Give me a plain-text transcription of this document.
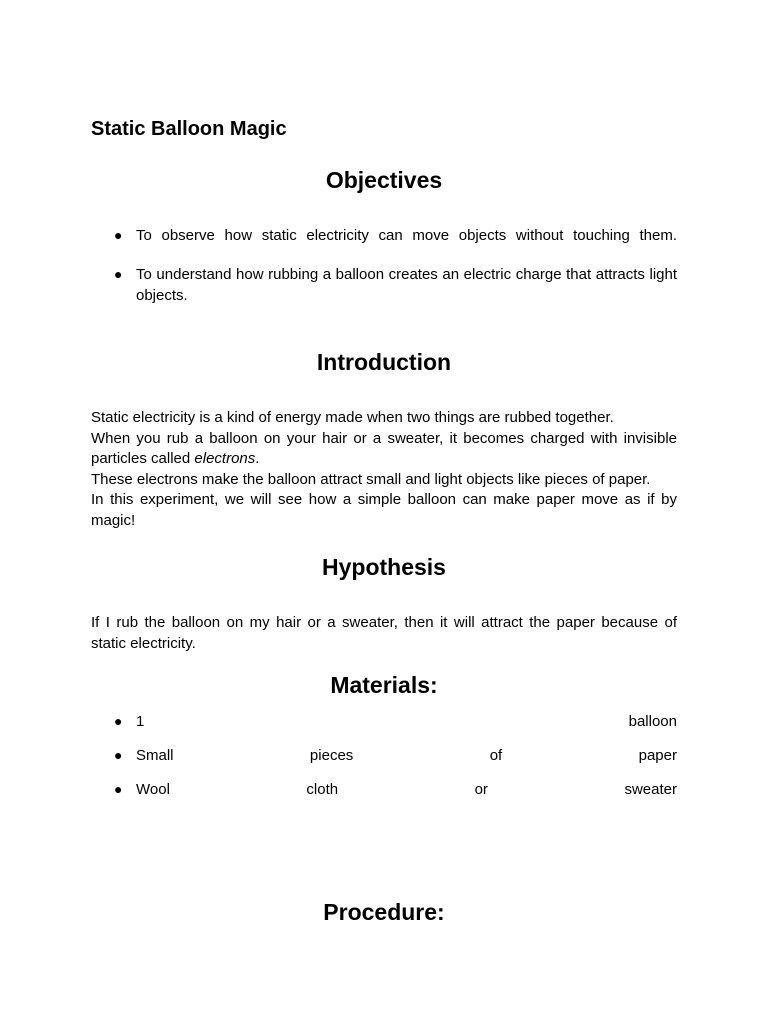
Static Balloon Magic
Objectives
● To observe how static electricity can move objects without touching them.
● To understand how rubbing a balloon creates an electric charge that attracts light objects.
Introduction

Static electricity is a kind of energy made when two things are rubbed together.

When you rub a balloon on your hair or a sweater, it becomes charged with invisible

particles called electrons.

These electrons make the balloon attract small and light objects like pieces of paper.

In this experiment, we will see how a simple balloon can make paper move as if by

magic!

Hypothesis

If I rub the balloon on my hair or a sweater, then it will attract the paper because of

static electricity.

Materials:
● 1	balloon
● Small	pieces	of	paper
● Wool	cloth	or	sweater
Procedure:
